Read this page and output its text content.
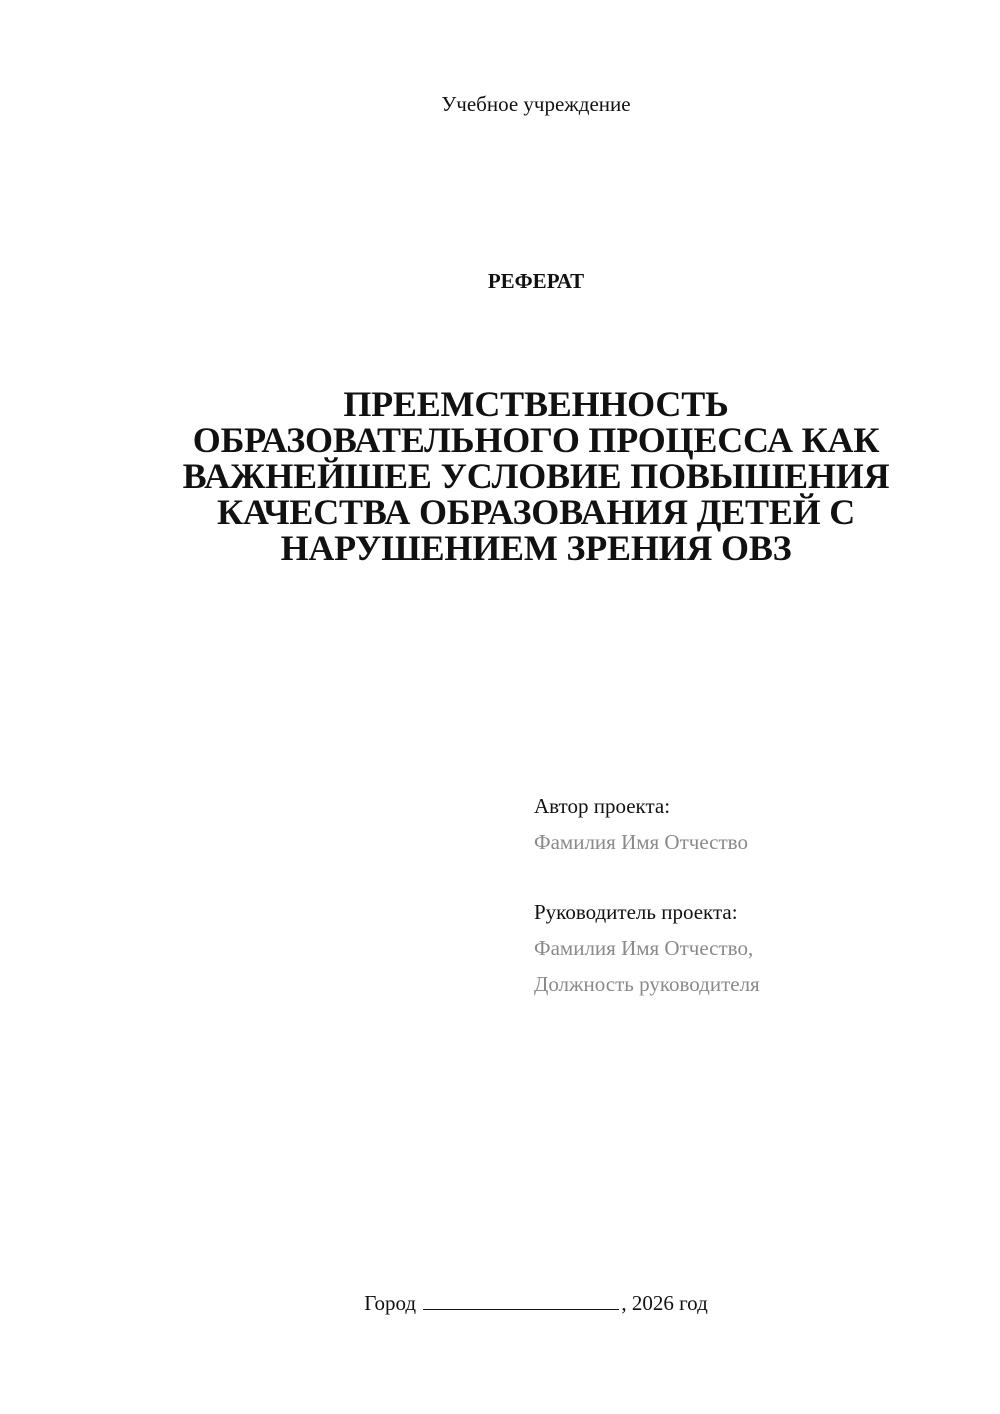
Учебное учреждение
РЕФЕРАТ
ПРЕЕМСТВЕННОСТЬ
ОБРАЗОВАТЕЛЬНОГО ПРОЦЕССА КАК
ВАЖНЕЙШЕЕ УСЛОВИЕ ПОВЫШЕНИЯ
КАЧЕСТВА ОБРАЗОВАНИЯ ДЕТЕЙ С
НАРУШЕНИЕМ ЗРЕНИЯ ОВЗ
Автор проекта:
Фамилия Имя Отчество
Руководитель проекта:
Фамилия Имя Отчество,
Должность руководителя
Город	, 2026 год
